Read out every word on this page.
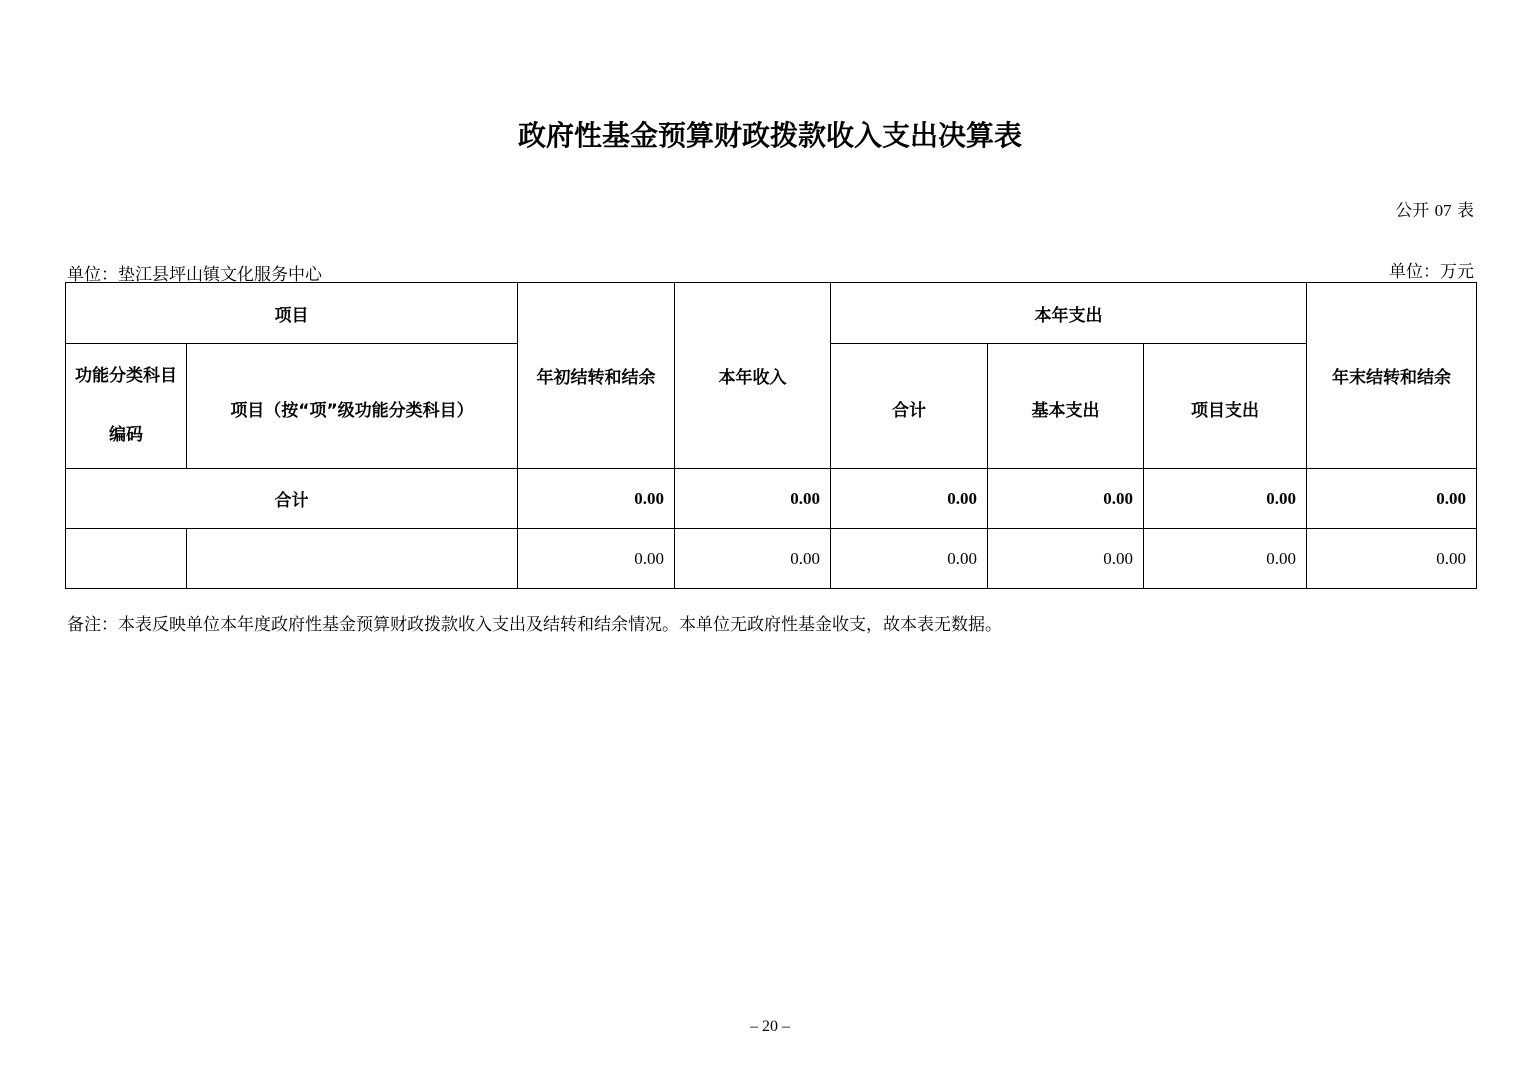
政府性基金预算财政拨款收入支出决算表
公开 07 表
单位：垫江县坪山镇文化服务中心	单位：万元
项目		年初结转和结余	本年收入	本年支出			年末结转和结余

功能分类科目
编码	项目（按“项”级功能分类科目）			合计	基本支出	项目支出	
合计		0.00	0.00	0.00	0.00	0.00	0.00
		0.00	0.00	0.00	0.00	0.00	0.00
备注：本表反映单位本年度政府性基金预算财政拨款收入支出及结转和结余情况。本单位无政府性基金收支，故本表无数据。
– 20 –
